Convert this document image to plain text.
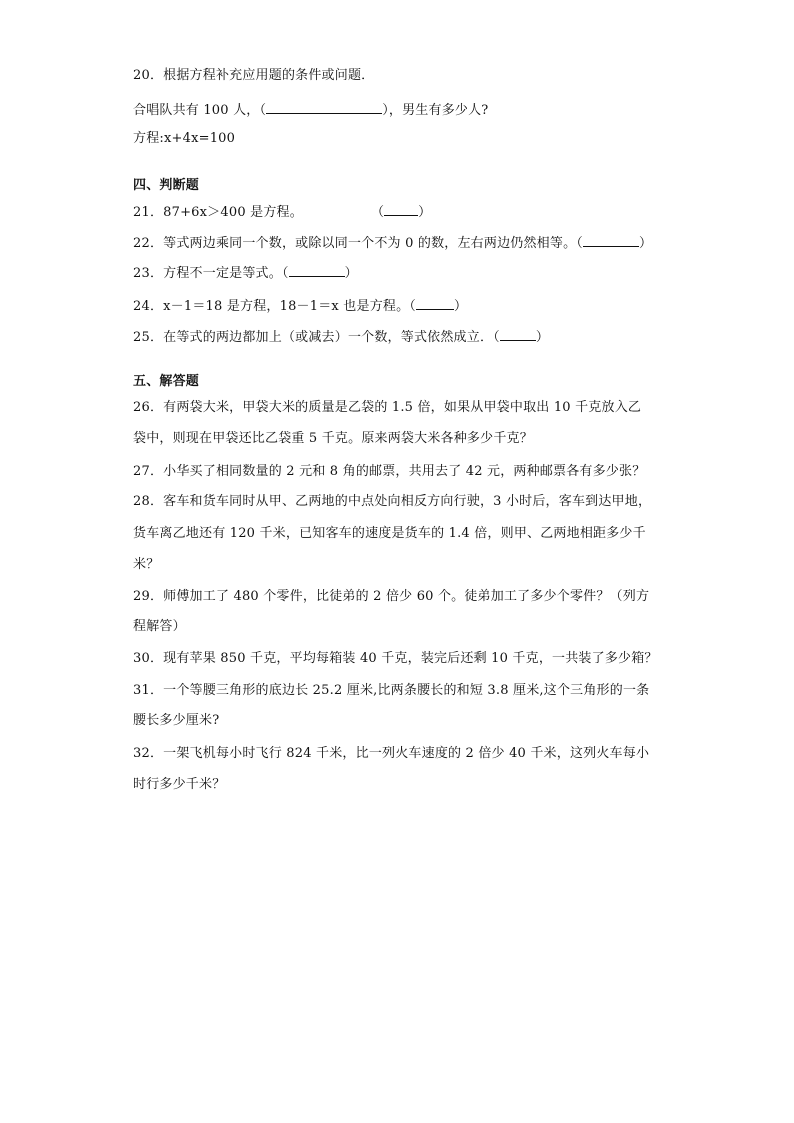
20．根据方程补充应用题的条件或问题．
合唱队共有 100 人，（	），男生有多少人?
方程:x+4x=100
四、判断题
21．87+6x＞400 是方程。	（	）
22．等式两边乘同一个数，或除以同一个不为 0 的数，左右两边仍然相等。（	）
23．方程不一定是等式。（	）
24．x－1＝18 是方程，18－1＝x 也是方程。（	）
25．在等式的两边都加上（或减去）一个数，等式依然成立．（	）
五、解答题
26．有两袋大米，甲袋大米的质量是乙袋的 1.5 倍，如果从甲袋中取出 10 千克放入乙
袋中，则现在甲袋还比乙袋重 5 千克。原来两袋大米各种多少千克？
27．小华买了相同数量的 2 元和 8 角的邮票，共用去了 42 元，两种邮票各有多少张？
28．客车和货车同时从甲、乙两地的中点处向相反方向行驶，3 小时后，客车到达甲地，
货车离乙地还有 120 千米，已知客车的速度是货车的 1.4 倍，则甲、乙两地相距多少千
米？
29．师傅加工了 480 个零件，比徒弟的 2 倍少 60 个。徒弟加工了多少个零件？（列方
程解答）
30．现有苹果 850 千克，平均每箱装 40 千克，装完后还剩 10 千克，一共装了多少箱？
31．一个等腰三角形的底边长 25.2 厘米,比两条腰长的和短 3.8 厘米,这个三角形的一条
腰长多少厘米?
32．一架飞机每小时飞行 824 千米，比一列火车速度的 2 倍少 40 千米，这列火车每小
时行多少千米？
